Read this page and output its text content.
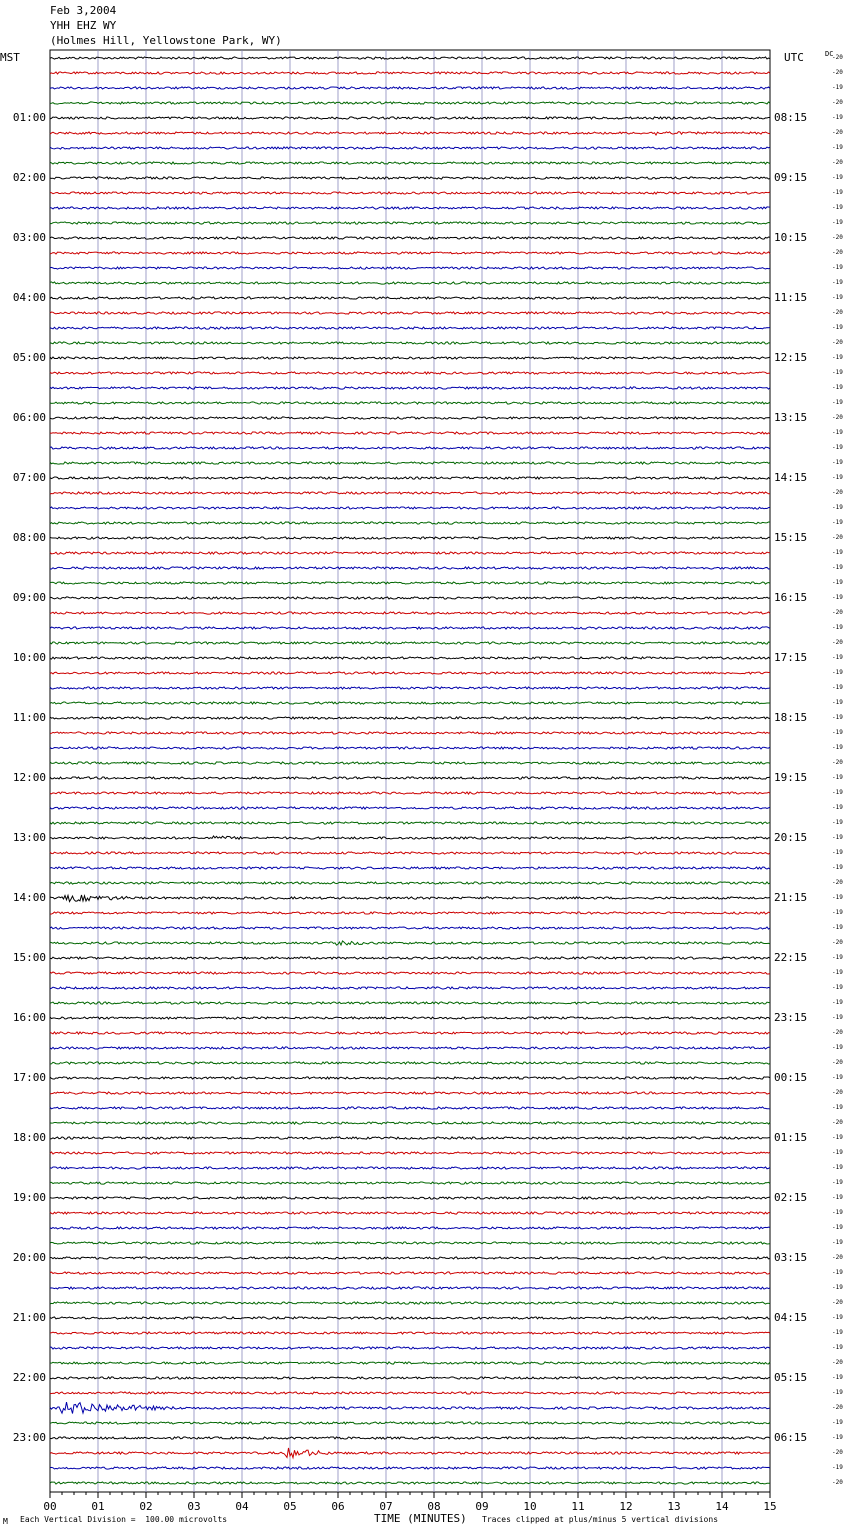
Feb 3,2004
YHH EHZ WY
(Holmes Hill, Yellowstone Park, WY)
MST	UTC	DC
00	01	02	03	04	05	06	07	08	09	10	11	12	13	14	15
01:00
02:00
03:00
04:00
05:00
06:00
07:00
08:00
09:00
10:00
11:00
12:00
13:00
14:00
15:00
16:00
17:00
18:00
19:00
20:00
21:00
22:00
23:00
08:15
09:15
10:15
11:15
12:15
13:15
14:15
15:15
16:15
17:15
18:15
19:15
20:15
21:15
22:15
23:15
00:15
01:15
02:15
03:15
04:15
05:15
06:15
-20
-20
-19
-20
-19
-20
-19
-20
-19
-19
-19
-19
-20
-20
-19
-19
-19
-20
-19
-20
-19
-19
-19
-19
-20
-19
-19
-19
-19
-20
-19
-19
-20
-19
-19
-19
-19
-20
-19
-20
-19
-19
-19
-19
-19
-19
-19
-20
-19
-19
-19
-19
-19
-19
-19
-20
-19
-19
-19
-20
-19
-19
-19
-19
-19
-20
-19
-20
-19
-20
-19
-20
-19
-19
-19
-19
-19
-19
-19
-19
-20
-19
-19
-20
-19
-19
-19
-20
-19
-19
-20
-19
-19
-20
-19
-20
M Each Vertical Division =  100.00 microvolts	TIME (MINUTES) Traces clipped at plus/minus 5 vertical divisions
